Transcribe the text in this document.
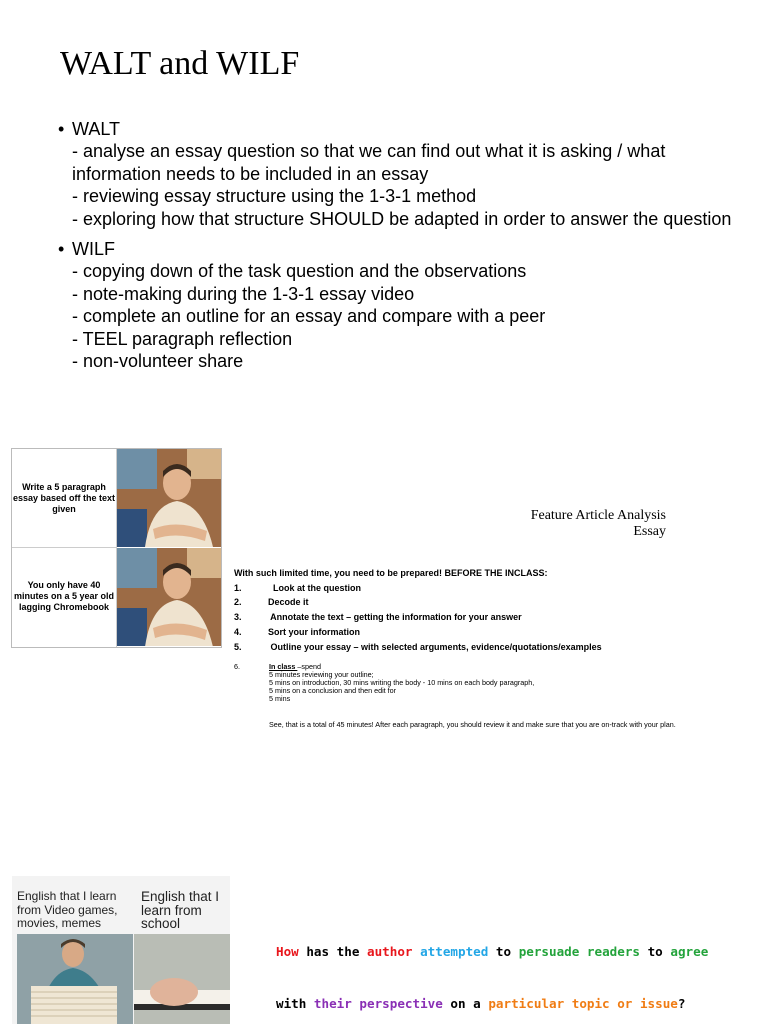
WALT and WILF
• WALT
- analyse an essay question so that we can find out what it is asking / what information needs to be included in an essay
- reviewing essay structure using the 1-3-1 method
- exploring how that structure SHOULD be adapted in order to answer the question
• WILF
- copying down of the task question and the observations
- note-making during the 1-3-1 essay video
- complete an outline for an essay and compare with a peer
- TEEL paragraph reflection
- non-volunteer share
Write a 5 paragraph essay based off the text given
You only have 40 minutes on a 5 year old lagging Chromebook
Feature Article Analysis
Essay
With such limited time, you need to be prepared! BEFORE THE INCLASS:
1.	Look at the question
2.	Decode it
3.	Annotate the text – getting the information for your answer
4.	Sort your information
5.	Outline your essay – with selected arguments, evidence/quotations/examples
6.	In class –spend
5 minutes reviewing your outline;
5 mins on introduction, 30 mins writing the body - 10 mins on each body paragraph,
5 mins on a conclusion and then edit for
5 mins
See, that is a total of 45 minutes! After each paragraph, you should review it and make sure that you are on-track with your plan.
English that I learn from Video games, movies, memes
English that I learn from school
How has the author attempted to persuade readers to agree
with their perspective on a particular topic or issue?
